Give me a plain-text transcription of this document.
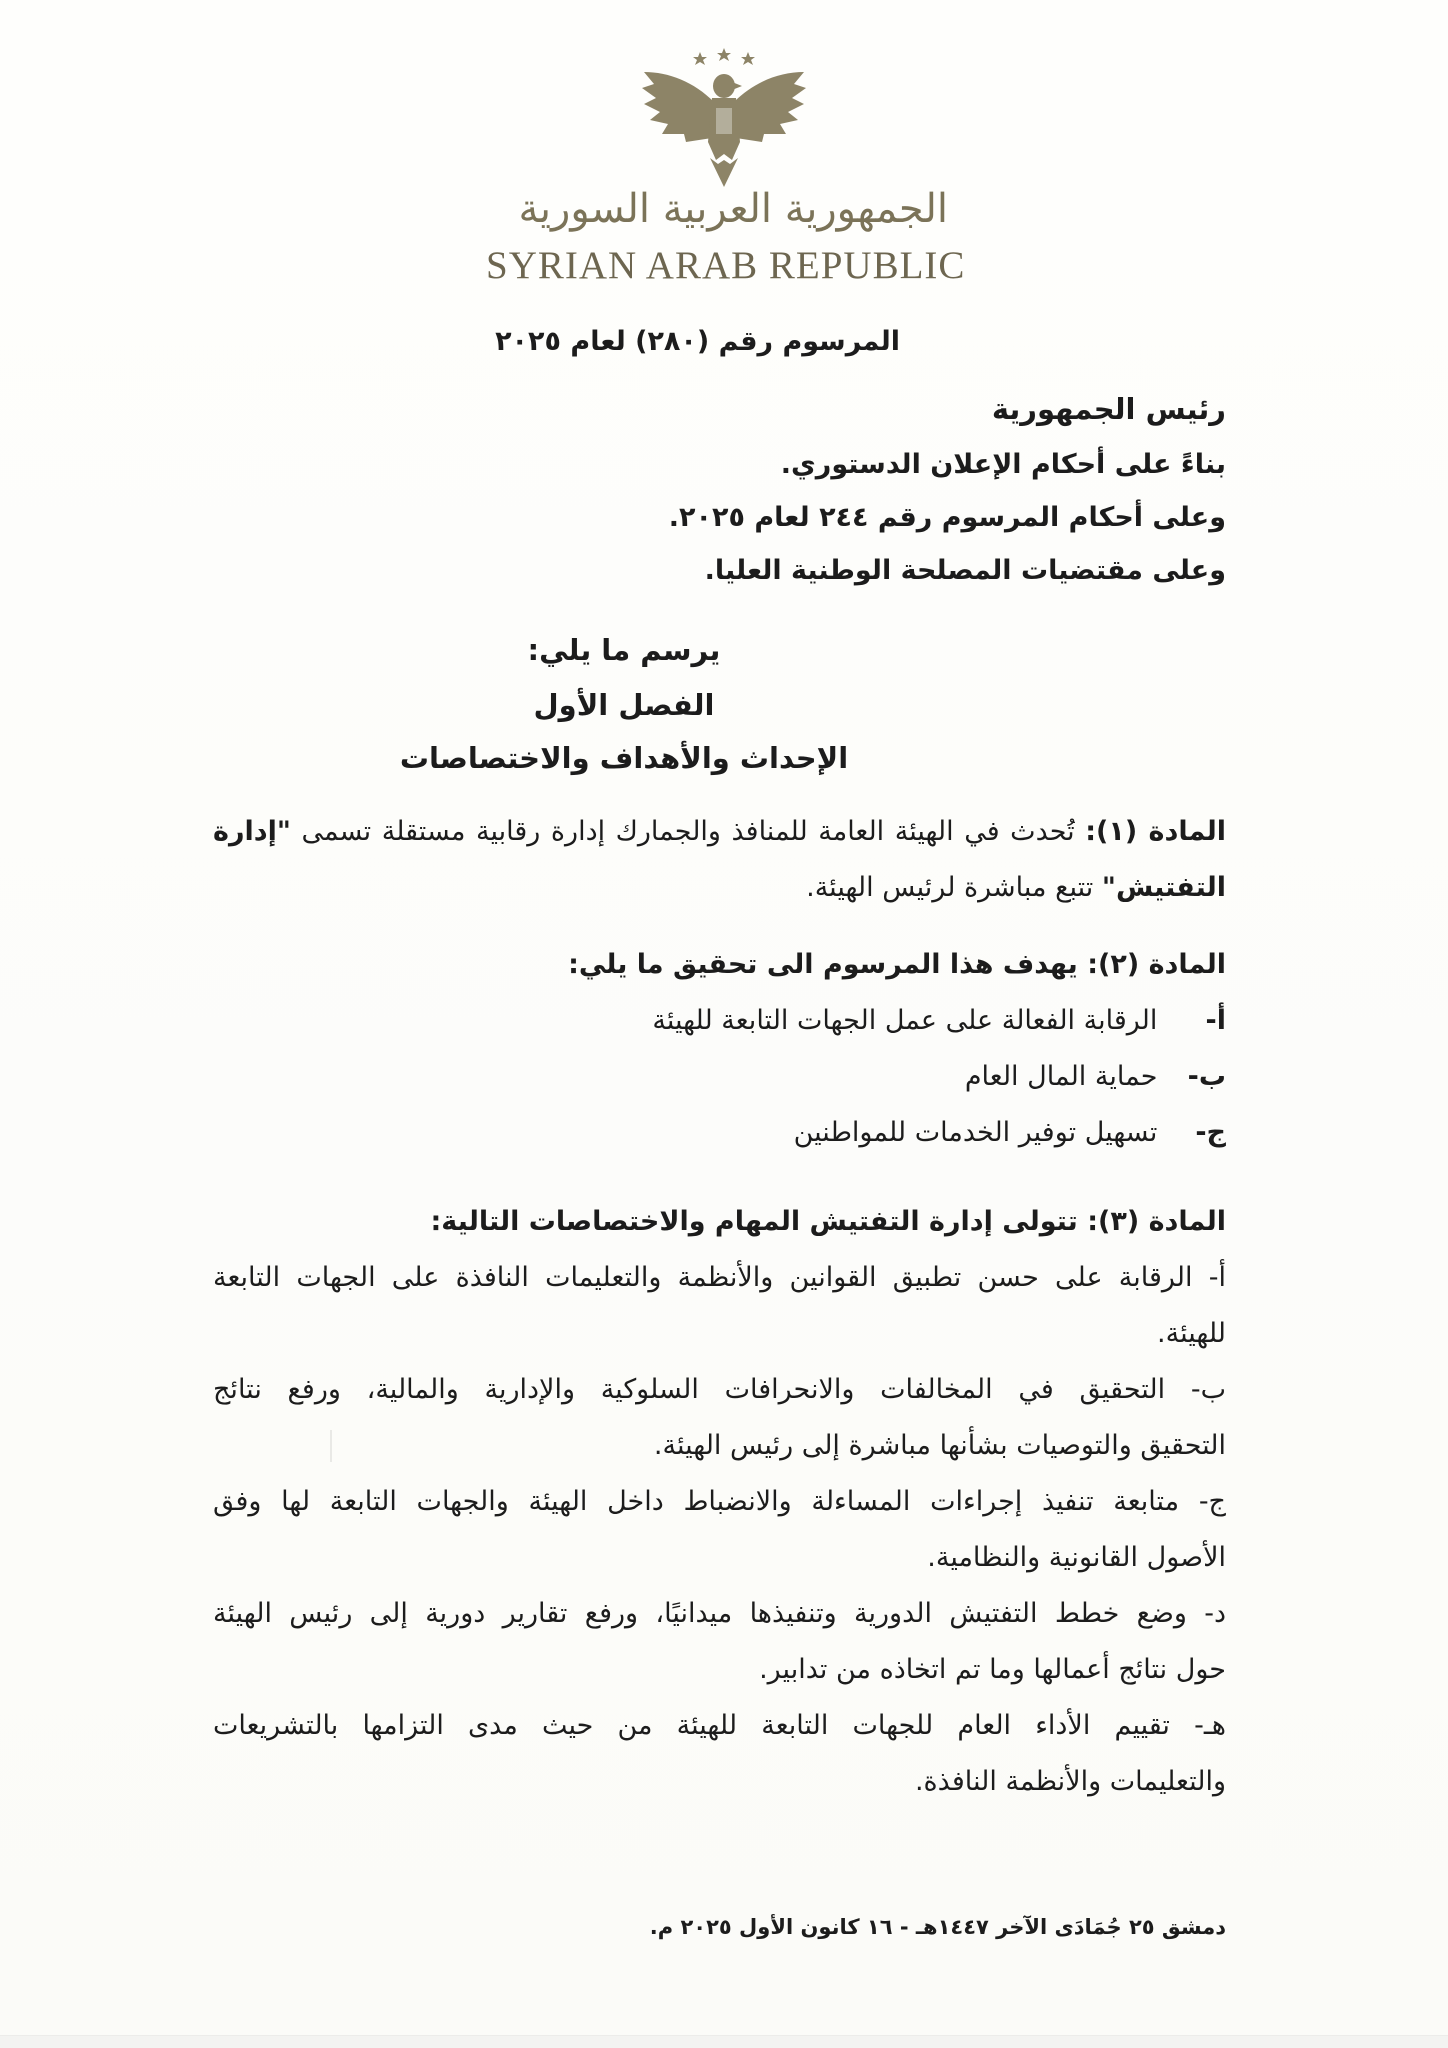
الجمهورية العربية السورية
SYRIAN ARAB REPUBLIC
المرسوم رقم (٢٨٠) لعام ٢٠٢٥
رئيس الجمهورية
بناءً على أحكام الإعلان الدستوري.
وعلى أحكام المرسوم رقم ٢٤٤ لعام ٢٠٢٥.
وعلى مقتضيات المصلحة الوطنية العليا.
يرسم ما يلي:
الفصل الأول
الإحداث والأهداف والاختصاصات
المادة (١): تُحدث في الهيئة العامة للمنافذ والجمارك إدارة رقابية مستقلة تسمى "إدارة
التفتيش" تتبع مباشرة لرئيس الهيئة.
المادة (٢): يهدف هذا المرسوم الى تحقيق ما يلي:
أ- الرقابة الفعالة على عمل الجهات التابعة للهيئة
ب- حماية المال العام
ج- تسهيل توفير الخدمات للمواطنين
المادة (٣): تتولى إدارة التفتيش المهام والاختصاصات التالية:
أ- الرقابة على حسن تطبيق القوانين والأنظمة والتعليمات النافذة على الجهات التابعة
للهيئة.
ب- التحقيق في المخالفات والانحرافات السلوكية والإدارية والمالية، ورفع نتائج
التحقيق والتوصيات بشأنها مباشرة إلى رئيس الهيئة.
ج- متابعة تنفيذ إجراءات المساءلة والانضباط داخل الهيئة والجهات التابعة لها وفق
الأصول القانونية والنظامية.
د- وضع خطط التفتيش الدورية وتنفيذها ميدانيًا، ورفع تقارير دورية إلى رئيس الهيئة
حول نتائج أعمالها وما تم اتخاذه من تدابير.
هـ- تقييم الأداء العام للجهات التابعة للهيئة من حيث مدى التزامها بالتشريعات
والتعليمات والأنظمة النافذة.
دمشق ٢٥ جُمَادَى الآخر ١٤٤٧هـ - ١٦ كانون الأول ٢٠٢٥ م.
